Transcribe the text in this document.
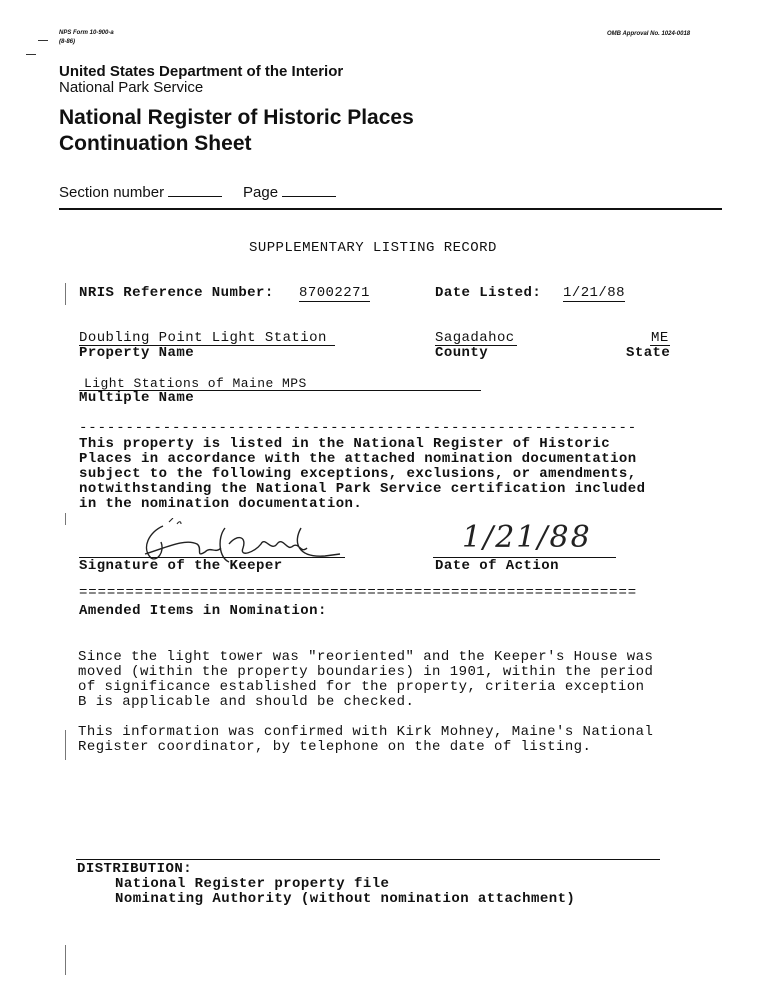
NPS Form 10-900-a
(8-86)
OMB Approval No. 1024-0018
United States Department of the Interior
National Park Service
National Register of Historic Places
Continuation Sheet
Section number	Page
SUPPLEMENTARY LISTING RECORD
NRIS Reference Number: 87002271	Date Listed: 1/21/88
Doubling Point Light Station
Property Name
Sagadahoc
County
ME
State
Light Stations of Maine MPS
Multiple Name
------------------------------------------------------------
This property is listed in the National Register of Historic
Places in accordance with the attached nomination documentation
subject to the following exceptions, exclusions, or amendments,
notwithstanding the National Park Service certification included
in the nomination documentation.
Signature of the Keeper
1/21/88
Date of Action
============================================================
Amended Items in Nomination:
Since the light tower was "reoriented" and the Keeper's House was
moved (within the property boundaries) in 1901, within the period
of significance established for the property, criteria exception
B is applicable and should be checked.
This information was confirmed with Kirk Mohney, Maine's National
Register coordinator, by telephone on the date of listing.
DISTRIBUTION:
National Register property file
Nominating Authority (without nomination attachment)
